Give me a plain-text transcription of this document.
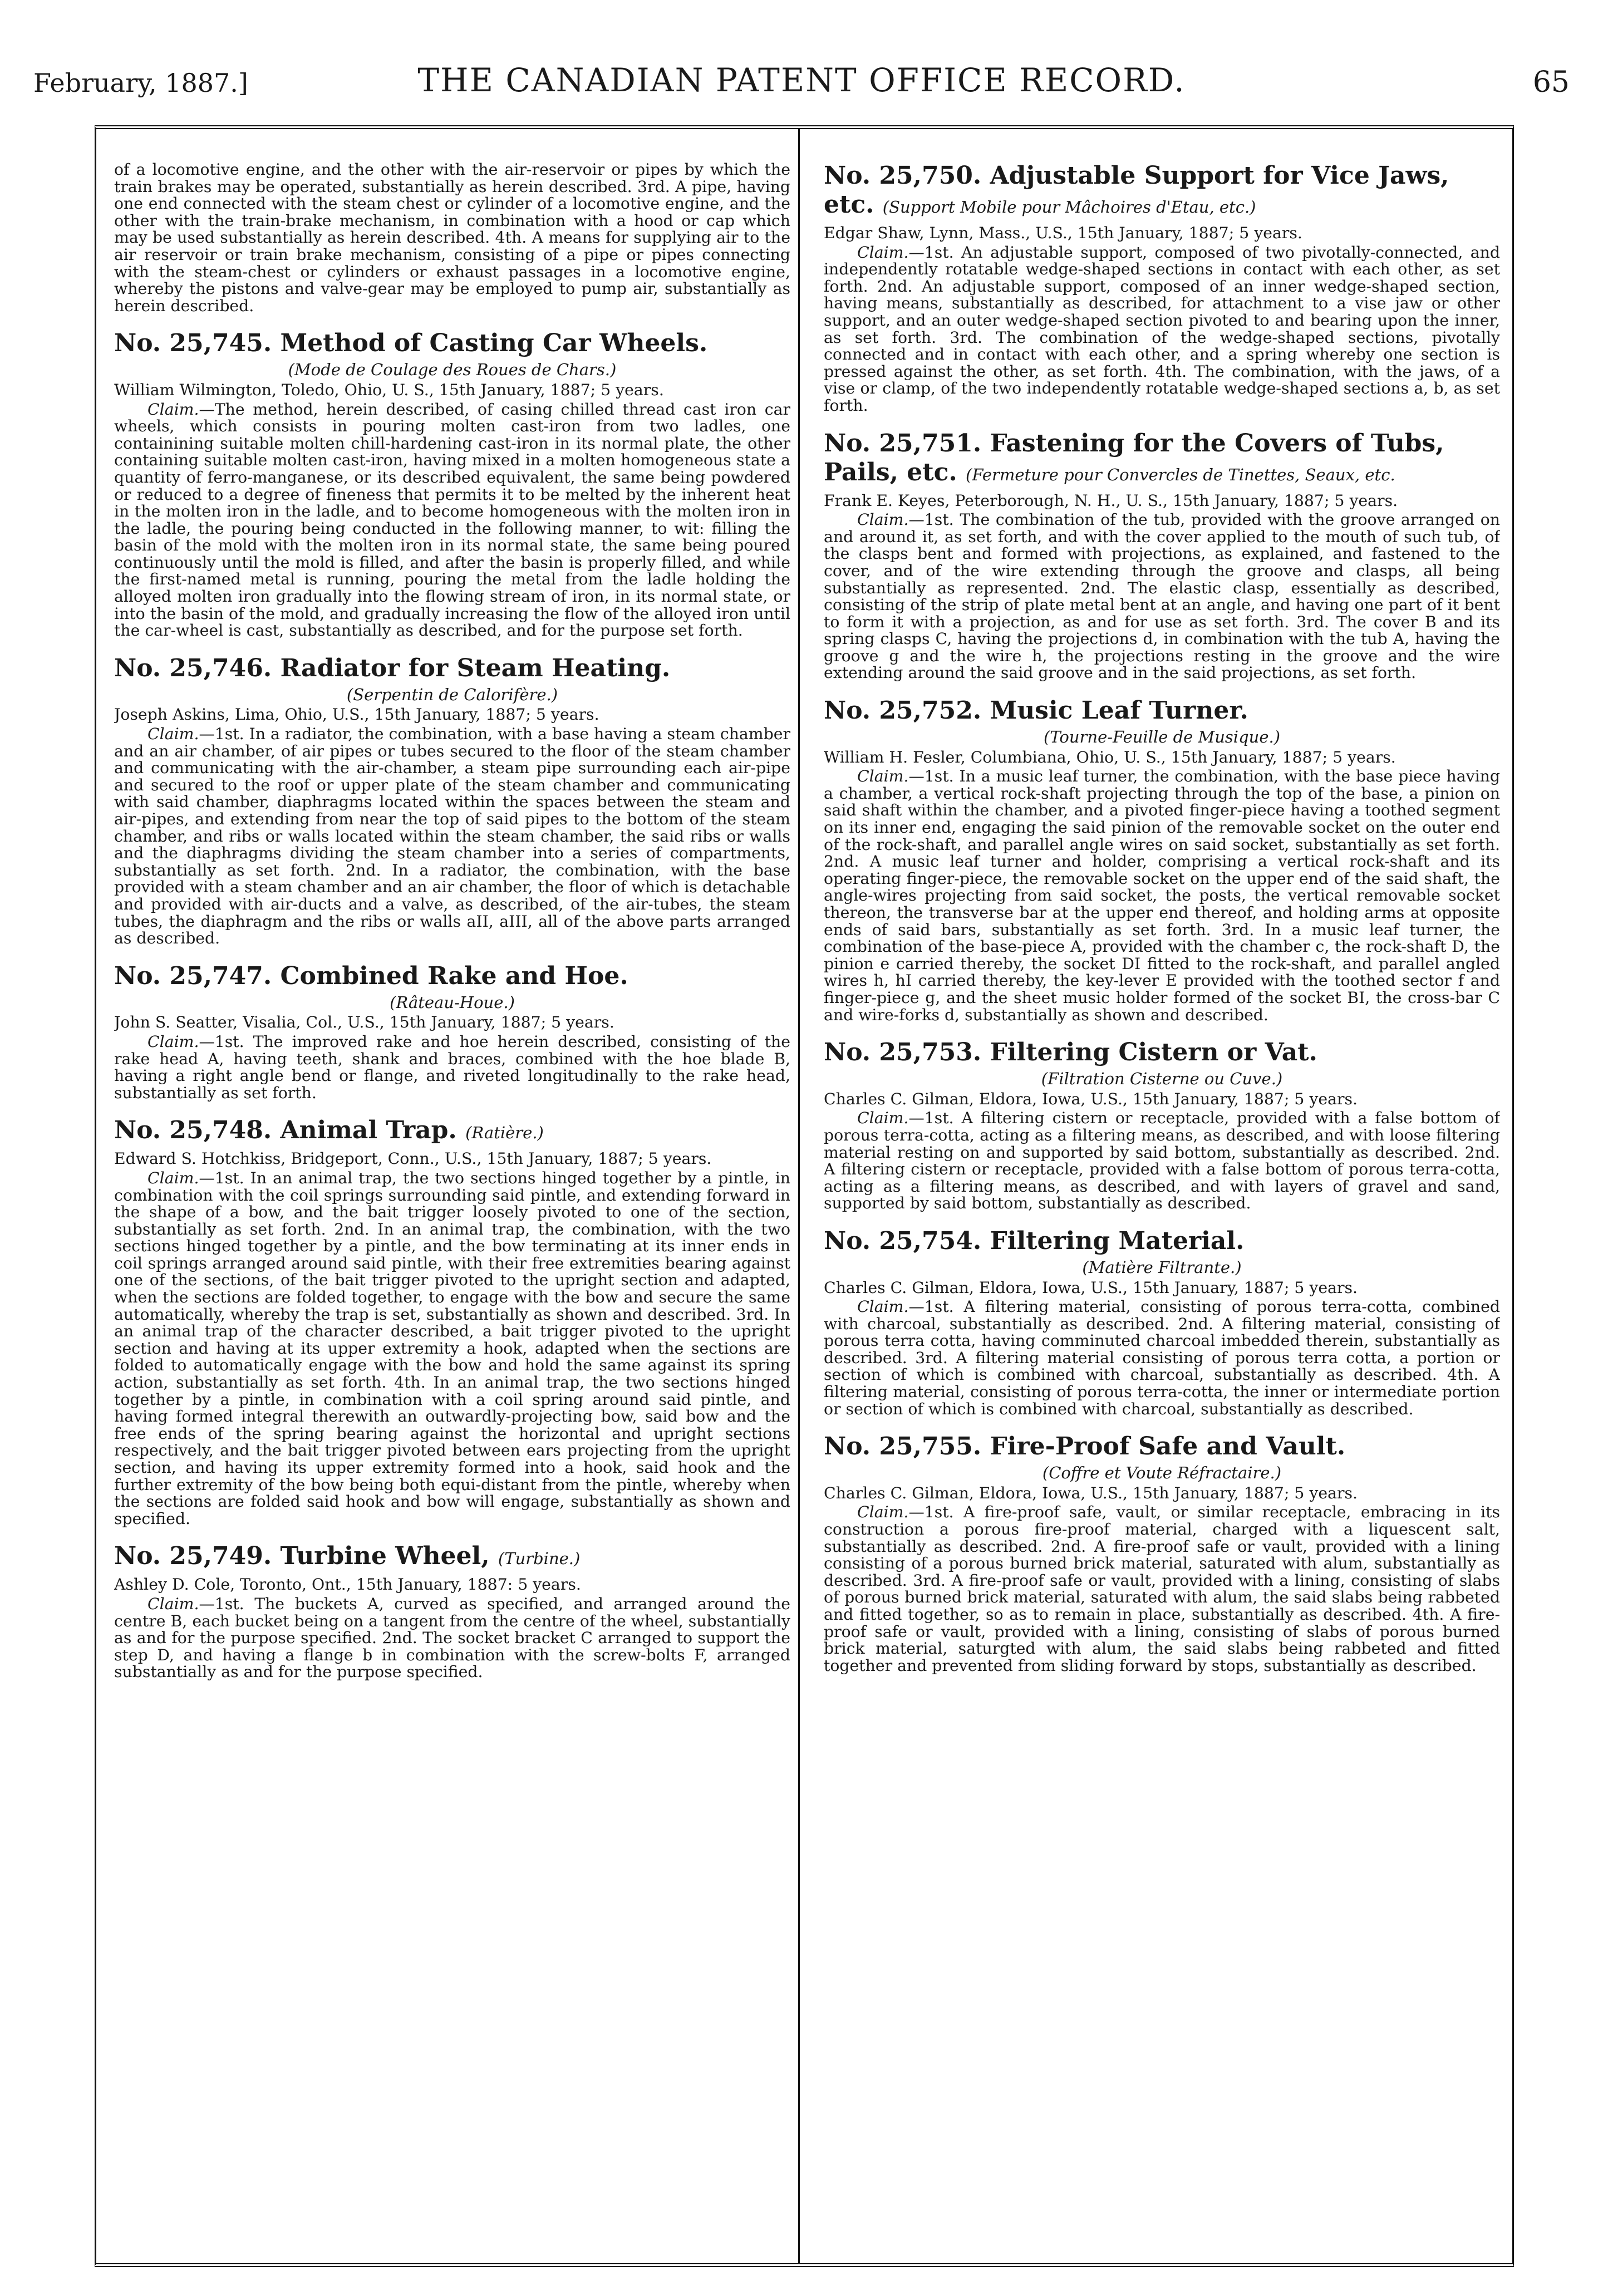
February, 1887.]	THE CANADIAN PATENT OFFICE RECORD.	65

of a locomotive engine, and the other with the air-reservoir or pipes by which the train brakes may be operated, substantially as herein described. 3rd. A pipe, having one end connected with the steam chest or cylinder of a locomotive engine, and the other with the train-brake mechanism, in combination with a hood or cap which may be used substantially as herein described. 4th. A means for supplying air to the air reservoir or train brake mechanism, consisting of a pipe or pipes connecting with the steam-chest or cylinders or exhaust passages in a locomotive engine, whereby the pistons and valve-gear may be employed to pump air, substantially as herein described.

No. 25,745. Method of Casting Car Wheels.
(Mode de Coulage des Roues de Chars.)

William Wilmington, Toledo, Ohio, U. S., 15th January, 1887; 5 years.

Claim.—The method, herein described, of casing chilled thread cast iron car wheels, which consists in pouring molten cast-iron from two ladles, one containining suitable molten chill-hardening cast-iron in its normal plate, the other containing suitable molten cast-iron, having mixed in a molten homogeneous state a quantity of ferro-manganese, or its described equivalent, the same being powdered or reduced to a degree of fineness that permits it to be melted by the inherent heat in the molten iron in the ladle, and to become homogeneous with the molten iron in the ladle, the pouring being conducted in the following manner, to wit: filling the basin of the mold with the molten iron in its normal state, the same being poured continuously until the mold is filled, and after the basin is properly filled, and while the first-named metal is running, pouring the metal from the ladle holding the alloyed molten iron gradually into the flowing stream of iron, in its normal state, or into the basin of the mold, and gradually increasing the flow of the alloyed iron until the car-wheel is cast, substantially as described, and for the purpose set forth.

No. 25,746. Radiator for Steam Heating.
(Serpentin de Calorifère.)

Joseph Askins, Lima, Ohio, U.S., 15th January, 1887; 5 years.

Claim.—1st. In a radiator, the combination, with a base having a steam chamber and an air chamber, of air pipes or tubes secured to the floor of the steam chamber and communicating with the air-chamber, a steam pipe surrounding each air-pipe and secured to the roof or upper plate of the steam chamber and communicating with said chamber, diaphragms located within the spaces between the steam and air-pipes, and extending from near the top of said pipes to the bottom of the steam chamber, and ribs or walls located within the steam chamber, the said ribs or walls and the diaphragms dividing the steam chamber into a series of compartments, substantially as set forth. 2nd. In a radiator, the combination, with the base provided with a steam chamber and an air chamber, the floor of which is detachable and provided with air-ducts and a valve, as described, of the air-tubes, the steam tubes, the diaphragm and the ribs or walls aII, aIII, all of the above parts arranged as described.

No. 25,747. Combined Rake and Hoe.
(Râteau-Houe.)

John S. Seatter, Visalia, Col., U.S., 15th January, 1887; 5 years.

Claim.—1st. The improved rake and hoe herein described, consisting of the rake head A, having teeth, shank and braces, combined with the hoe blade B, having a right angle bend or flange, and riveted longitudinally to the rake head, substantially as set forth.

No. 25,748. Animal Trap. (Ratière.)

Edward S. Hotchkiss, Bridgeport, Conn., U.S., 15th January, 1887; 5 years.

Claim.—1st. In an animal trap, the two sections hinged together by a pintle, in combination with the coil springs surrounding said pintle, and extending forward in the shape of a bow, and the bait trigger loosely pivoted to one of the section, substantially as set forth. 2nd. In an animal trap, the combination, with the two sections hinged together by a pintle, and the bow terminating at its inner ends in coil springs arranged around said pintle, with their free extremities bearing against one of the sections, of the bait trigger pivoted to the upright section and adapted, when the sections are folded together, to engage with the bow and secure the same automatically, whereby the trap is set, substantially as shown and described. 3rd. In an animal trap of the character described, a bait trigger pivoted to the upright section and having at its upper extremity a hook, adapted when the sections are folded to automatically engage with the bow and hold the same against its spring action, substantially as set forth. 4th. In an animal trap, the two sections hinged together by a pintle, in combination with a coil spring around said pintle, and having formed integral therewith an outwardly-projecting bow, said bow and the free ends of the spring bearing against the horizontal and upright sections respectively, and the bait trigger pivoted between ears projecting from the upright section, and having its upper extremity formed into a hook, said hook and the further extremity of the bow being both equi-distant from the pintle, whereby when the sections are folded said hook and bow will engage, substantially as shown and specified.

No. 25,749. Turbine Wheel, (Turbine.)

Ashley D. Cole, Toronto, Ont., 15th January, 1887: 5 years.

Claim.—1st. The buckets A, curved as specified, and arranged around the centre B, each bucket being on a tangent from the centre of the wheel, substantially as and for the purpose specified. 2nd. The socket bracket C arranged to support the step D, and having a flange b in combination with the screw-bolts F, arranged substantially as and for the purpose specified.

No. 25,750. Adjustable Support for Vice Jaws, etc. (Support Mobile pour Mâchoires d'Etau, etc.)

Edgar Shaw, Lynn, Mass., U.S., 15th January, 1887; 5 years.

Claim.—1st. An adjustable support, composed of two pivotally-connected, and independently rotatable wedge-shaped sections in contact with each other, as set forth. 2nd. An adjustable support, composed of an inner wedge-shaped section, having means, substantially as described, for attachment to a vise jaw or other support, and an outer wedge-shaped section pivoted to and bearing upon the inner, as set forth. 3rd. The combination of the wedge-shaped sections, pivotally connected and in contact with each other, and a spring whereby one section is pressed against the other, as set forth. 4th. The combination, with the jaws, of a vise or clamp, of the two independently rotatable wedge-shaped sections a, b, as set forth.

No. 25,751. Fastening for the Covers of Tubs, Pails, etc. (Fermeture pour Convercles de Tinettes, Seaux, etc.

Frank E. Keyes, Peterborough, N. H., U. S., 15th January, 1887; 5 years.

Claim.—1st. The combination of the tub, provided with the groove arranged on and around it, as set forth, and with the cover applied to the mouth of such tub, of the clasps bent and formed with projections, as explained, and fastened to the cover, and of the wire extending through the groove and clasps, all being substantially as represented. 2nd. The elastic clasp, essentially as described, consisting of the strip of plate metal bent at an angle, and having one part of it bent to form it with a projection, as and for use as set forth. 3rd. The cover B and its spring clasps C, having the projections d, in combination with the tub A, having the groove g and the wire h, the projections resting in the groove and the wire extending around the said groove and in the said projections, as set forth.

No. 25,752. Music Leaf Turner.
(Tourne-Feuille de Musique.)

William H. Fesler, Columbiana, Ohio, U. S., 15th January, 1887; 5 years.

Claim.—1st. In a music leaf turner, the combination, with the base piece having a chamber, a vertical rock-shaft projecting through the top of the base, a pinion on said shaft within the chamber, and a pivoted finger-piece having a toothed segment on its inner end, engaging the said pinion of the removable socket on the outer end of the rock-shaft, and parallel angle wires on said socket, substantially as set forth. 2nd. A music leaf turner and holder, comprising a vertical rock-shaft and its operating finger-piece, the removable socket on the upper end of the said shaft, the angle-wires projecting from said socket, the posts, the vertical removable socket thereon, the transverse bar at the upper end thereof, and holding arms at opposite ends of said bars, substantially as set forth. 3rd. In a music leaf turner, the combination of the base-piece A, provided with the chamber c, the rock-shaft D, the pinion e carried thereby, the socket DI fitted to the rock-shaft, and parallel angled wires h, hI carried thereby, the key-lever E provided with the toothed sector f and finger-piece g, and the sheet music holder formed of the socket BI, the cross-bar C and wire-forks d, substantially as shown and described.

No. 25,753. Filtering Cistern or Vat.
(Filtration Cisterne ou Cuve.)

Charles C. Gilman, Eldora, Iowa, U.S., 15th January, 1887; 5 years.

Claim.—1st. A filtering cistern or receptacle, provided with a false bottom of porous terra-cotta, acting as a filtering means, as described, and with loose filtering material resting on and supported by said bottom, substantially as described. 2nd. A filtering cistern or receptacle, provided with a false bottom of porous terra-cotta, acting as a filtering means, as described, and with layers of gravel and sand, supported by said bottom, substantially as described.

No. 25,754. Filtering Material.
(Matière Filtrante.)

Charles C. Gilman, Eldora, Iowa, U.S., 15th January, 1887; 5 years.

Claim.—1st. A filtering material, consisting of porous terra-cotta, combined with charcoal, substantially as described. 2nd. A filtering material, consisting of porous terra cotta, having comminuted charcoal imbedded therein, substantially as described. 3rd. A filtering material consisting of porous terra cotta, a portion or section of which is combined with charcoal, substantially as described. 4th. A filtering material, consisting of porous terra-cotta, the inner or intermediate portion or section of which is combined with charcoal, substantially as described.

No. 25,755. Fire-Proof Safe and Vault.
(Coffre et Voute Réfractaire.)

Charles C. Gilman, Eldora, Iowa, U.S., 15th January, 1887; 5 years.

Claim.—1st. A fire-proof safe, vault, or similar receptacle, embracing in its construction a porous fire-proof material, charged with a liquescent salt, substantially as described. 2nd. A fire-proof safe or vault, provided with a lining consisting of a porous burned brick material, saturated with alum, substantially as described. 3rd. A fire-proof safe or vault, provided with a lining, consisting of slabs of porous burned brick material, saturated with alum, the said slabs being rabbeted and fitted together, so as to remain in place, substantially as described. 4th. A fire-proof safe or vault, provided with a lining, consisting of slabs of porous burned brick material, saturgted with alum, the said slabs being rabbeted and fitted together and prevented from sliding forward by stops, substantially as described.
